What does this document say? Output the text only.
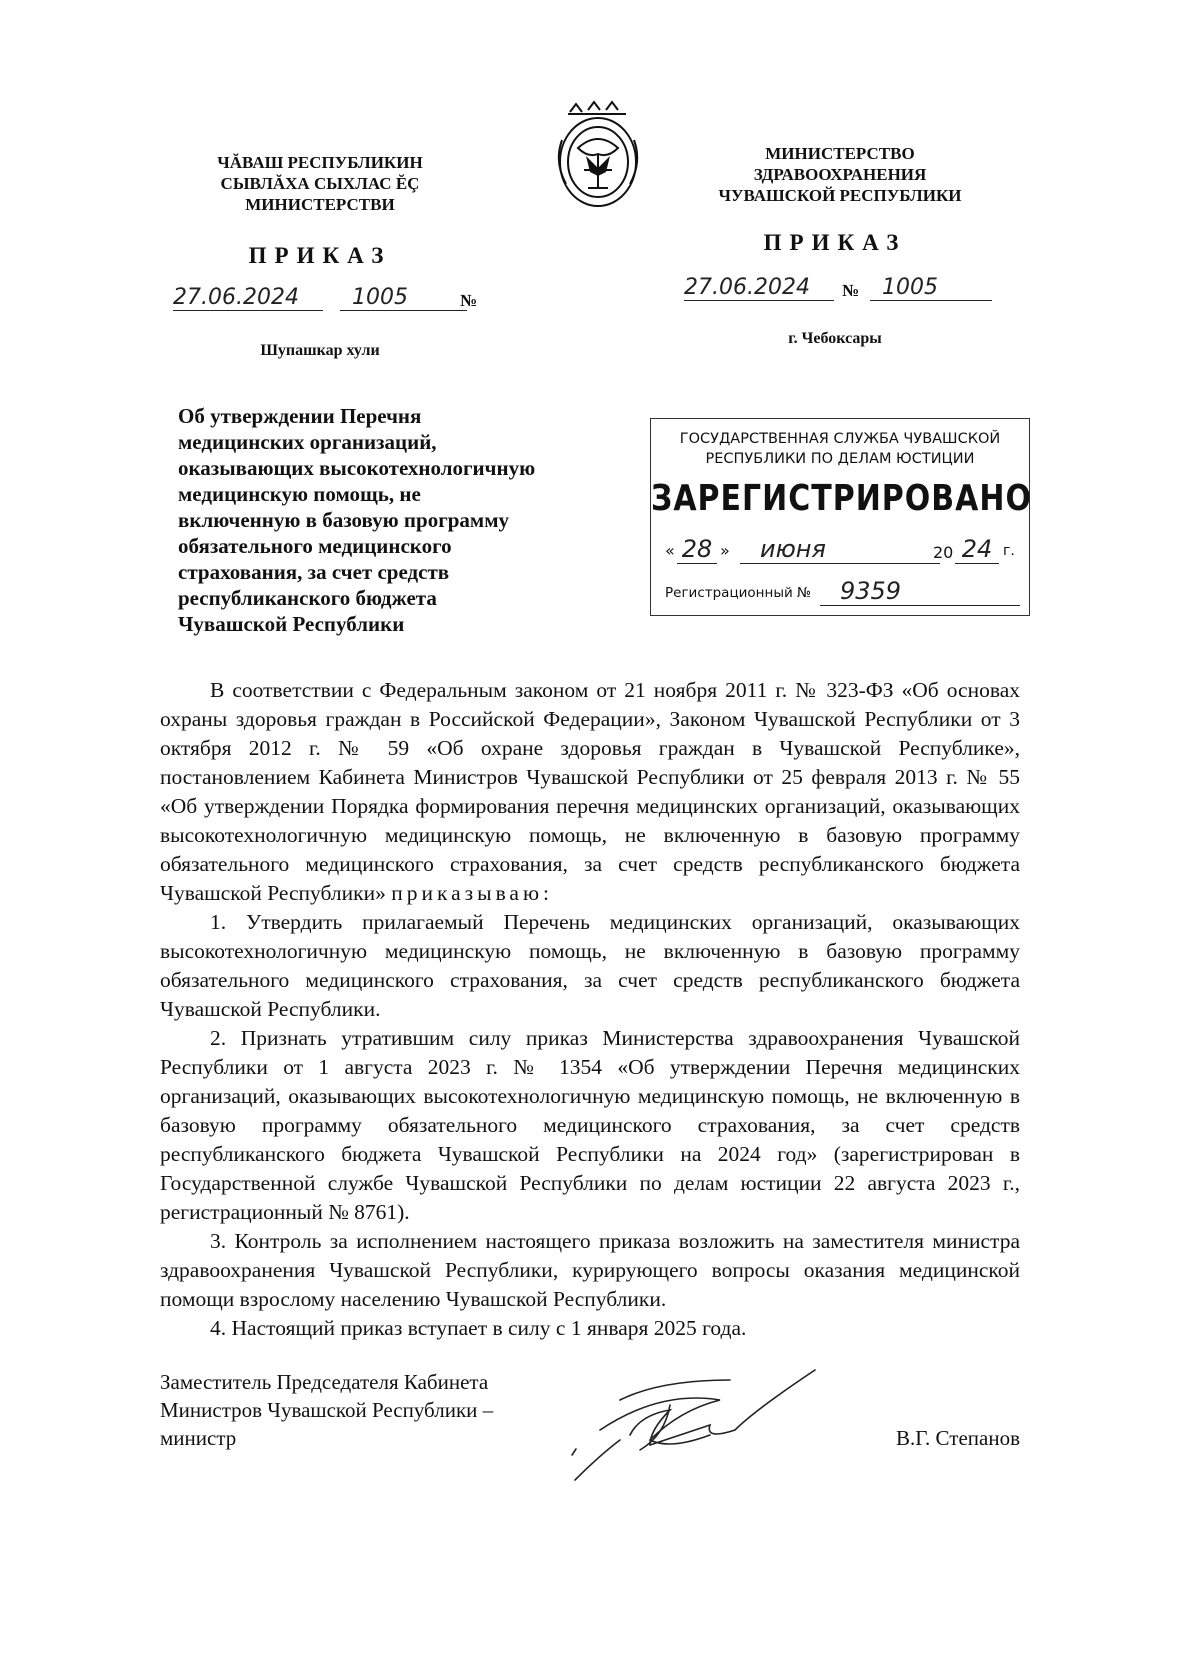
ЧĂВАШ РЕСПУБЛИКИН
СЫВЛĂХА СЫХЛАС ĔÇ
МИНИСТЕРСТВИ
ПРИКАЗ
27.06.2024	1005	№
Шупашкар хули
МИНИСТЕРСТВО
ЗДРАВООХРАНЕНИЯ
ЧУВАШСКОЙ РЕСПУБЛИКИ
ПРИКАЗ
27.06.2024	№	1005
г. Чебоксары
Об утверждении Перечня
медицинских организаций,
оказывающих высокотехнологичную
медицинскую помощь, не
включенную в базовую программу
обязательного медицинского
страхования, за счет средств
республиканского бюджета
Чувашской Республики
ГОСУДАРСТВЕННАЯ СЛУЖБА ЧУВАШСКОЙ
РЕСПУБЛИКИ ПО ДЕЛАМ ЮСТИЦИИ
ЗАРЕГИСТРИРОВАНО
« 28 »	июня	20 24 г.
Регистрационный №	9359

В соответствии с Федеральным законом от 21 ноября 2011 г. № 323-ФЗ «Об основах охраны здоровья граждан в Российской Федерации», Законом Чувашской Республики от 3 октября 2012 г. № 59 «Об охране здоровья граждан в Чувашской Республике», постановлением Кабинета Министров Чувашской Республики от 25 февраля 2013 г. № 55 «Об утверждении Порядка формирования перечня медицинских организаций, оказывающих высокотехнологичную медицинскую помощь, не включенную в базовую программу обязательного медицинского страхования, за счет средств республиканского бюджета Чувашской Республики» приказываю:

1. Утвердить прилагаемый Перечень медицинских организаций, оказывающих высокотехнологичную медицинскую помощь, не включенную в базовую программу обязательного медицинского страхования, за счет средств республиканского бюджета Чувашской Республики.

2. Признать утратившим силу приказ Министерства здравоохранения Чувашской Республики от 1 августа 2023 г. № 1354 «Об утверждении Перечня медицинских организаций, оказывающих высокотехнологичную медицинскую помощь, не включенную в базовую программу обязательного медицинского страхования, за счет средств республиканского бюджета Чувашской Республики на 2024 год» (зарегистрирован в Государственной службе Чувашской Республики по делам юстиции 22 августа 2023 г., регистрационный № 8761).

3. Контроль за исполнением настоящего приказа возложить на заместителя министра здравоохранения Чувашской Республики, курирующего вопросы оказания медицинской помощи взрослому населению Чувашской Республики.

4. Настоящий приказ вступает в силу с 1 января 2025 года.

Заместитель Председателя Кабинета
Министров Чувашской Республики –
министр	В.Г. Степанов
